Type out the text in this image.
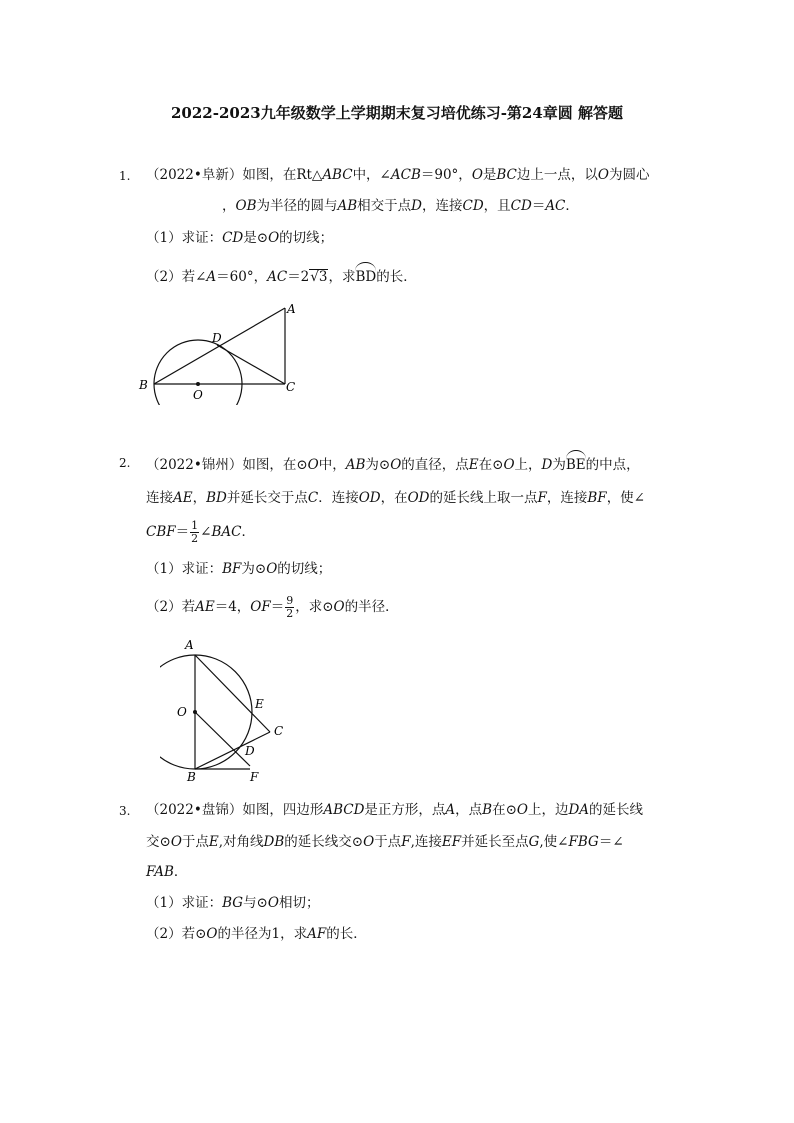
2022-2023九年级数学上学期期末复习培优练习-第24章圆 解答题
1. （2022•阜新）如图，在Rt△ABC中，∠ACB＝90°，O是BC边上一点，以O为圆心
，OB为半径的圆与AB相交于点D，连接CD，且CD＝AC．
（1）求证：CD是⊙O的切线；
（2）若∠A＝60°，AC＝2√3，求BD的长．
A
D
B
O
C
2. （2022•锦州）如图，在⊙O中，AB为⊙O的直径，点E在⊙O上，D为BE的中点，
连接AE，BD并延长交于点C．连接OD，在OD的延长线上取一点F，连接BF，使∠
$CBF= \frac{1}{2}$ ∠BAC．
（1）求证：BF为⊙O的切线；
（2）若AE＝4，$OF= \frac{9}{2}$ ，求⊙O的半径．
A
O
E
C
D
B	F
3. （2022•盘锦）如图，四边形ABCD是正方形，点A，点B在⊙O上，边DA的延长线
交⊙O于点E,对角线DB的延长线交⊙O于点F,连接EF并延长至点G,使∠FBG＝∠
FAB．
（1）求证：BG与⊙O相切；
（2）若⊙O的半径为1，求AF的长．
